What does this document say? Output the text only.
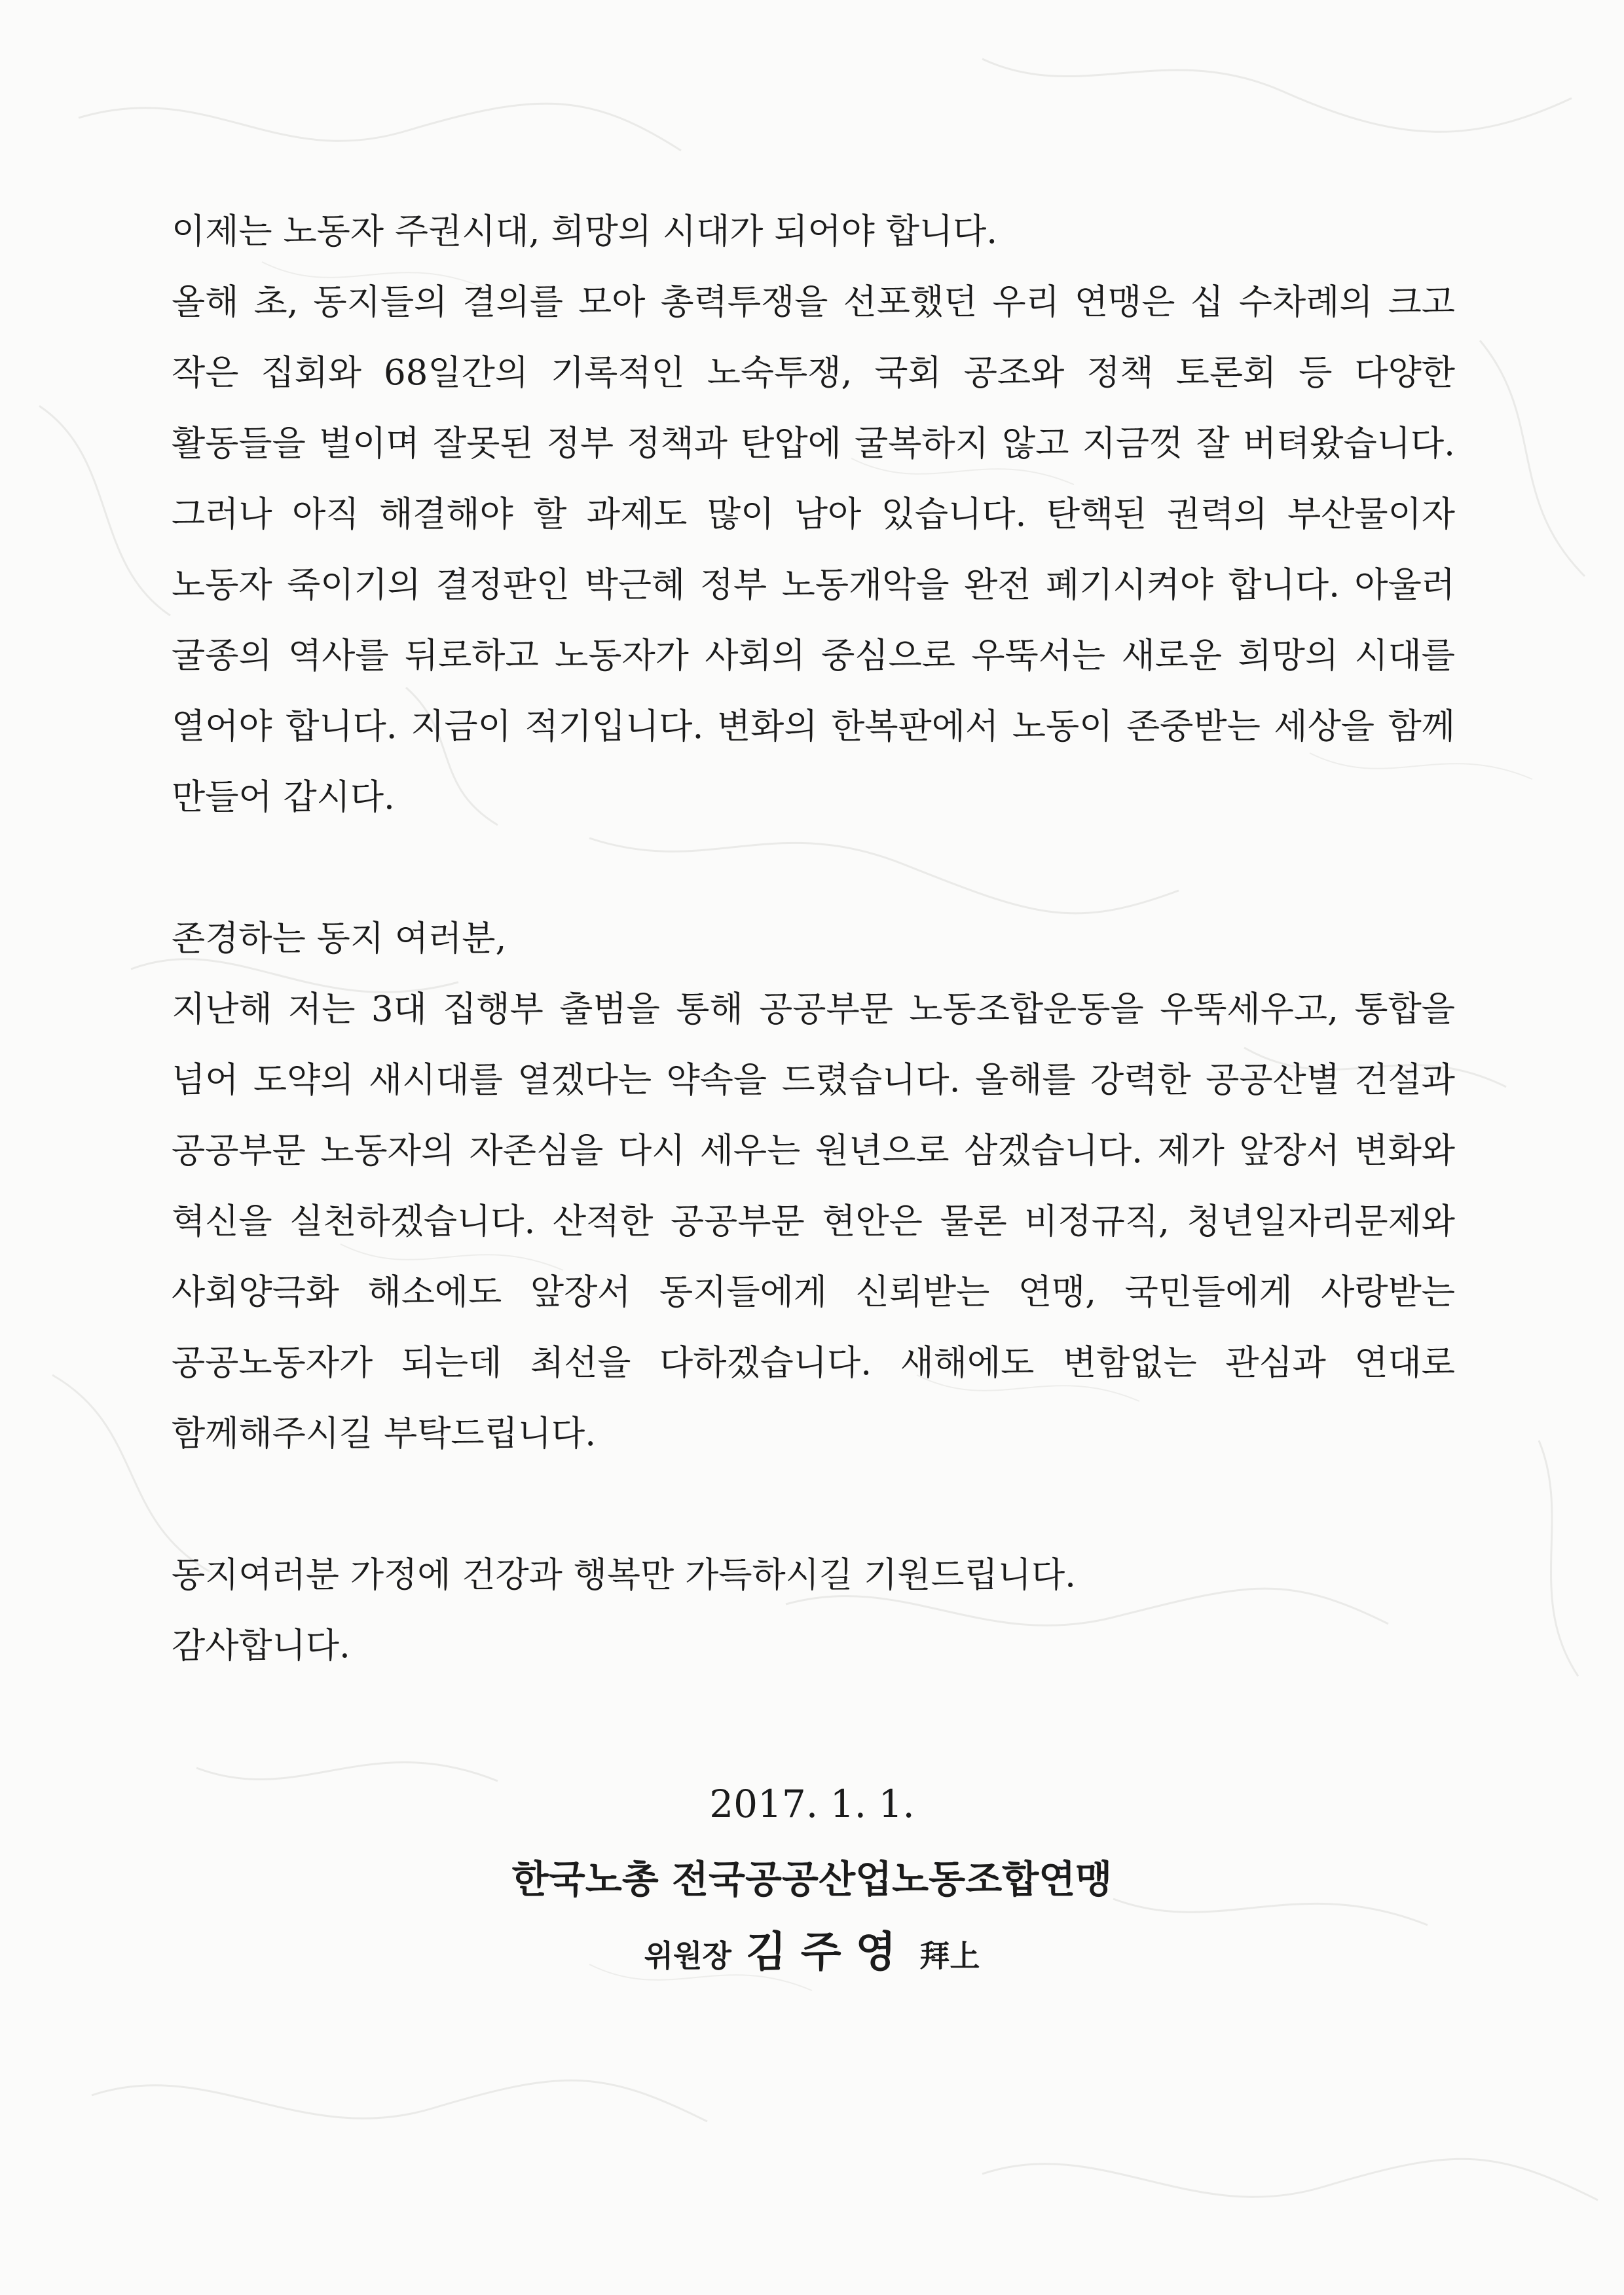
이제는 노동자 주권시대, 희망의 시대가 되어야 합니다.

올해 초, 동지들의 결의를 모아 총력투쟁을 선포했던 우리 연맹은 십 수차례의 크고 작은 집회와 68일간의 기록적인 노숙투쟁, 국회 공조와 정책 토론회 등 다양한 활동들을 벌이며 잘못된 정부 정책과 탄압에 굴복하지 않고 지금껏 잘 버텨왔습니다. 그러나 아직 해결해야 할 과제도 많이 남아 있습니다. 탄핵된 권력의 부산물이자 노동자 죽이기의 결정판인 박근혜 정부 노동개악을 완전 폐기시켜야 합니다. 아울러 굴종의 역사를 뒤로하고 노동자가 사회의 중심으로 우뚝서는 새로운 희망의 시대를 열어야 합니다. 지금이 적기입니다. 변화의 한복판에서 노동이 존중받는 세상을 함께 만들어 갑시다.

존경하는 동지 여러분,

지난해 저는 3대 집행부 출범을 통해 공공부문 노동조합운동을 우뚝세우고, 통합을 넘어 도약의 새시대를 열겠다는 약속을 드렸습니다. 올해를 강력한 공공산별 건설과 공공부문 노동자의 자존심을 다시 세우는 원년으로 삼겠습니다. 제가 앞장서 변화와 혁신을 실천하겠습니다. 산적한 공공부문 현안은 물론 비정규직, 청년일자리문제와 사회양극화 해소에도 앞장서 동지들에게 신뢰받는 연맹, 국민들에게 사랑받는 공공노동자가 되는데 최선을 다하겠습니다. 새해에도 변함없는 관심과 연대로 함께해주시길 부탁드립니다.

동지여러분 가정에 건강과 행복만 가득하시길 기원드립니다.

감사합니다.

2017. 1. 1.
한국노총 전국공공산업노동조합연맹
위원장 김주영 拜上
